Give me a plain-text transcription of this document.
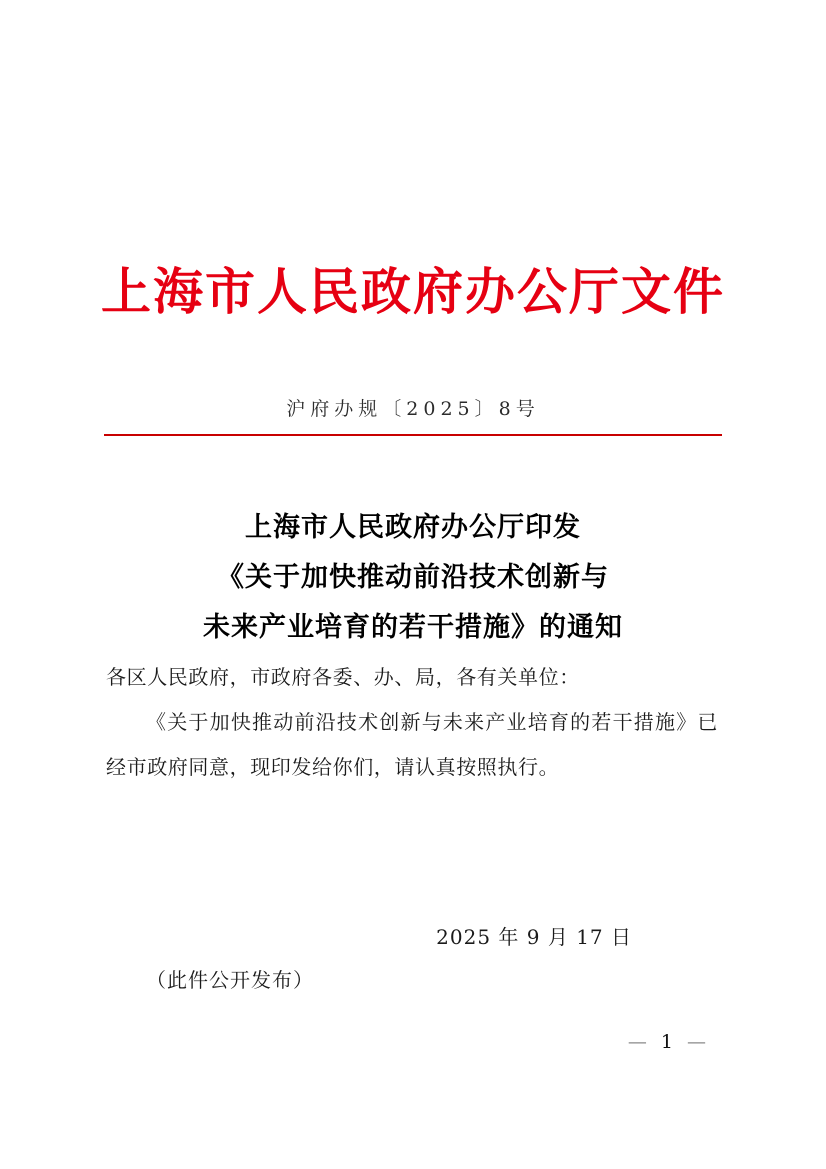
上海市人民政府办公厅文件
沪府办规〔2025〕8号
上海市人民政府办公厅印发
《关于加快推动前沿技术创新与
未来产业培育的若干措施》的通知

各区人民政府，市政府各委、办、局，各有关单位：

《关于加快推动前沿技术创新与未来产业培育的若干措施》已经市政府同意，现印发给你们，请认真按照执行。

2025 年 9 月 17 日
（此件公开发布）
— 1 —
